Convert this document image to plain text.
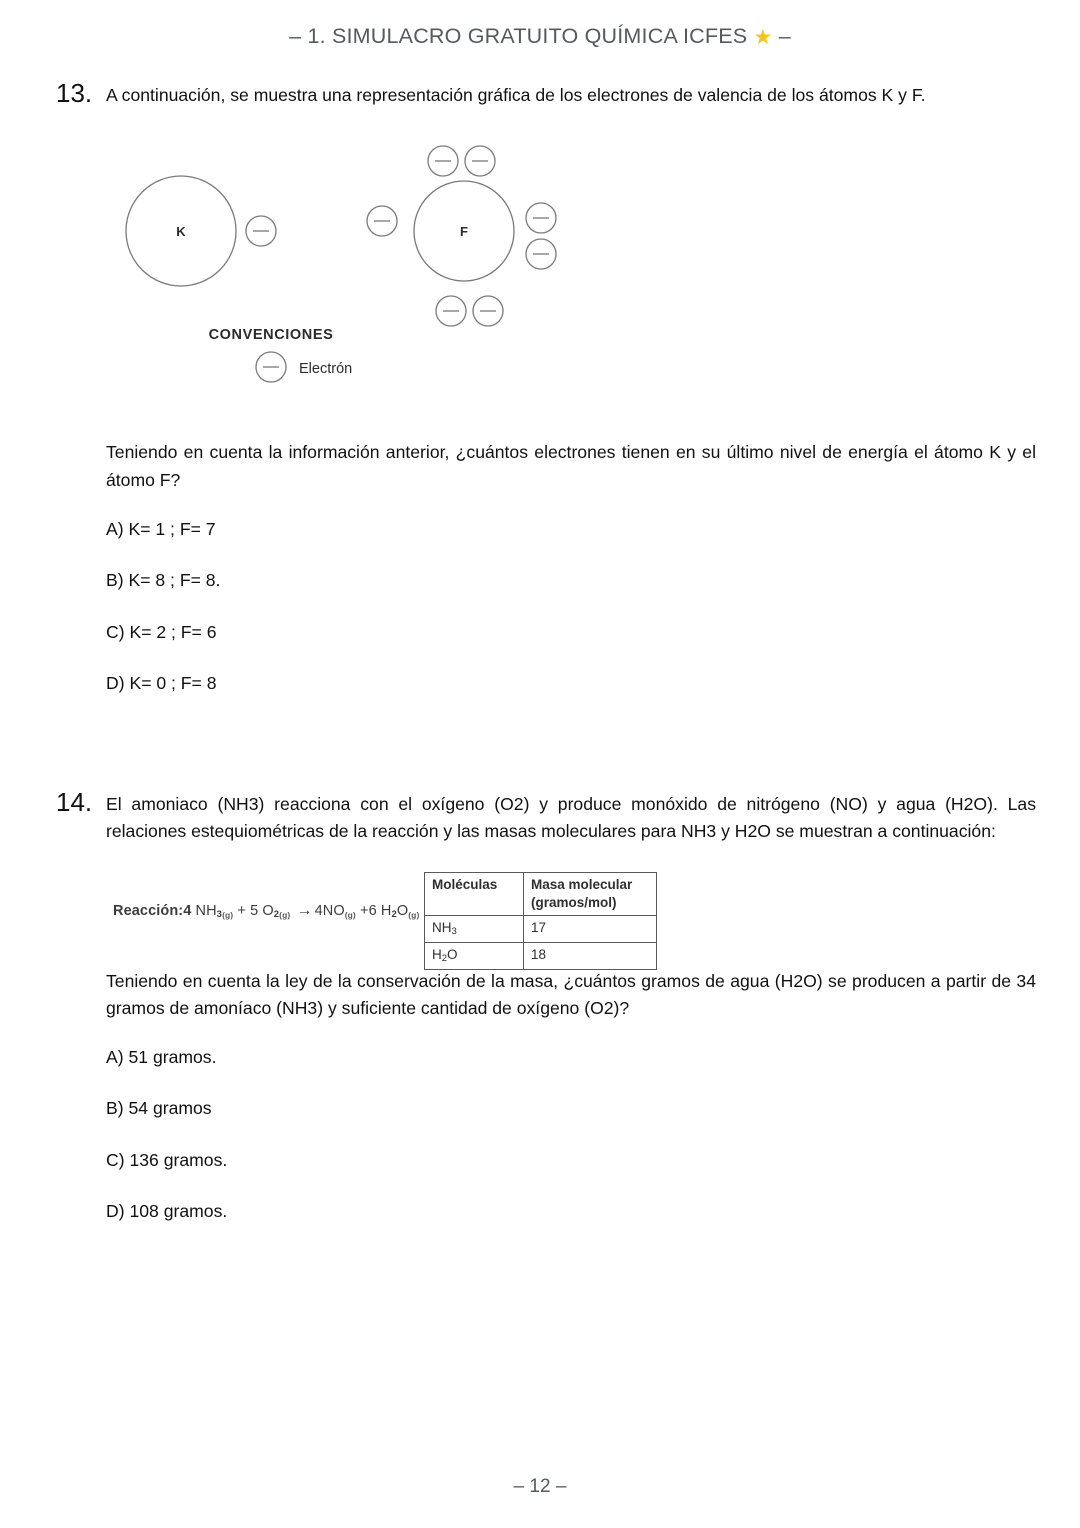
– 1. SIMULACRO GRATUITO QUÍMICA ICFES ★ –
13. A continuación, se muestra una representación gráfica de los electrones de valencia de los átomos K y F.
K	F
CONVENCIONES
Electrón
Teniendo en cuenta la información anterior, ¿cuántos electrones tienen en su último nivel de energía el átomo K y el átomo F?
A) K= 1 ; F= 7
B) K= 8 ; F= 8.
C) K= 2 ; F= 6
D) K= 0 ; F= 8
14. El amoniaco (NH3) reacciona con el oxígeno (O2) y produce monóxido de nitrógeno (NO) y agua (H2O). Las relaciones estequiométricas de la reacción y las masas moleculares para NH3 y H2O se muestran a continuación:
Reacción:4 $NH_{3(g)} + 5$ $O_{2(g)} \to 4NO_{(g)} +6$ $H_2O_{(g)}$
Moléculas	Masa molecular
(gramos/mol)
$NH_3$	17
$H_2O$	18
Teniendo en cuenta la ley de la conservación de la masa, ¿cuántos gramos de agua (H2O) se producen a partir de 34 gramos de amoníaco (NH3) y suficiente cantidad de oxígeno (O2)?
A) 51 gramos.
B) 54 gramos
C) 136 gramos.
D) 108 gramos.
– 12 –
